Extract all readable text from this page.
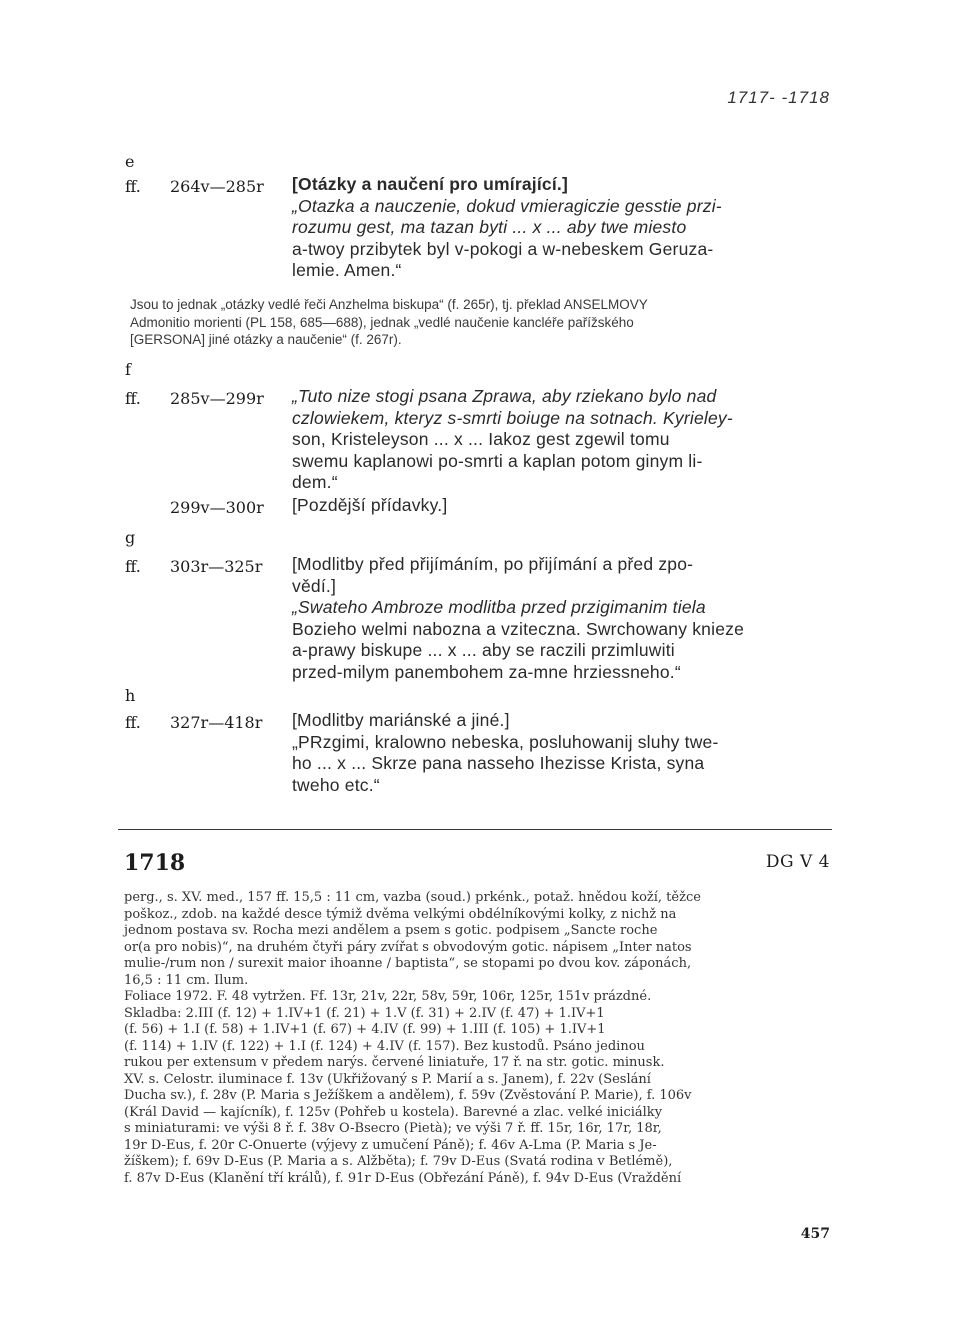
1717- -1718
e
ff. 264v—285r [Otázky a naučení pro umírající.]
„Otazka a nauczenie, dokud vmieragiczie gesstie przi-
rozumu gest, ma tazan byti ... x ... aby twe miesto
a-twoy przibytek byl v-pokogi a w-nebeskem Geruza-
lemie. Amen.“
Jsou to jednak „otázky vedlé řeči Anzhelma biskupa“ (f. 265r), tj. překlad ANSELMOVY
Admonitio morienti (PL 158, 685—688), jednak „vedlé naučenie kancléře pařížského
[GERSONA] jiné otázky a naučenie“ (f. 267r).
f
ff. 285v—299r „Tuto nize stogi psana Zprawa, aby rziekano bylo nad
czlowiekem, kteryz s-smrti boiuge na sotnach. Kyrieley-
son, Kristeleyson ... x ... Iakoz gest zgewil tomu
swemu kaplanowi po-smrti a kaplan potom ginym li-
dem.“
299v—300r [Pozdější přídavky.]
g
ff. 303r—325r [Modlitby před přijímáním, po přijímání a před zpo-
vědí.]
„Swateho Ambroze modlitba przed przigimanim tiela
Bozieho welmi nabozna a vziteczna. Swrchowany knieze
a-prawy biskupe ... x ... aby se raczili przimluwiti
przed-milym panembohem za-mne hrziessneho.“
h
ff. 327r—418r [Modlitby mariánské a jiné.]
„PRzgimi, kralowno nebeska, posluhowanij sluhy twe-
ho ... x ... Skrze pana nasseho Ihezisse Krista, syna
tweho etc.“
1718	DG V 4

perg., s. XV. med., 157 ff. 15,5 : 11 cm, vazba (soud.) prkénk., potaž. hnědou koží, těžce

poškoz., zdob. na každé desce týmiž dvěma velkými obdélníkovými kolky, z nichž na

jednom postava sv. Rocha mezi andělem a psem s gotic. podpisem „Sancte roche

or(a pro nobis)“, na druhém čtyři páry zvířat s obvodovým gotic. nápisem „Inter natos

mulie-/rum non / surexit maior ihoanne / baptista“, se stopami po dvou kov. záponách,

16,5 : 11 cm. Ilum.

Foliace 1972. F. 48 vytržen. Ff. 13r, 21v, 22r, 58v, 59r, 106r, 125r, 151v prázdné.

Skladba: 2.III (f. 12) + 1.IV+1 (f. 21) + 1.V (f. 31) + 2.IV (f. 47) + 1.IV+1

(f. 56) + 1.I (f. 58) + 1.IV+1 (f. 67) + 4.IV (f. 99) + 1.III (f. 105) + 1.IV+1

(f. 114) + 1.IV (f. 122) + 1.I (f. 124) + 4.IV (f. 157). Bez kustodů. Psáno jedinou

rukou per extensum v předem narýs. červené liniatuře, 17 ř. na str. gotic. minusk.

XV. s. Celostr. iluminace f. 13v (Ukřižovaný s P. Marií a s. Janem), f. 22v (Seslání

Ducha sv.), f. 28v (P. Maria s Ježíškem a andělem), f. 59v (Zvěstování P. Marie), f. 106v

(Král David — kajícník), f. 125v (Pohřeb u kostela). Barevné a zlac. velké iniciálky

s miniaturami: ve výši 8 ř. f. 38v O-Bsecro (Pietà); ve výši 7 ř. ff. 15r, 16r, 17r, 18r,

19r D-Eus, f. 20r C-Onuerte (výjevy z umučení Páně); f. 46v A-Lma (P. Maria s Je-

žíškem); f. 69v D-Eus (P. Maria a s. Alžběta); f. 79v D-Eus (Svatá rodina v Betlémě),

f. 87v D-Eus (Klanění tří králů), f. 91r D-Eus (Obřezání Páně), f. 94v D-Eus (Vraždění

457
